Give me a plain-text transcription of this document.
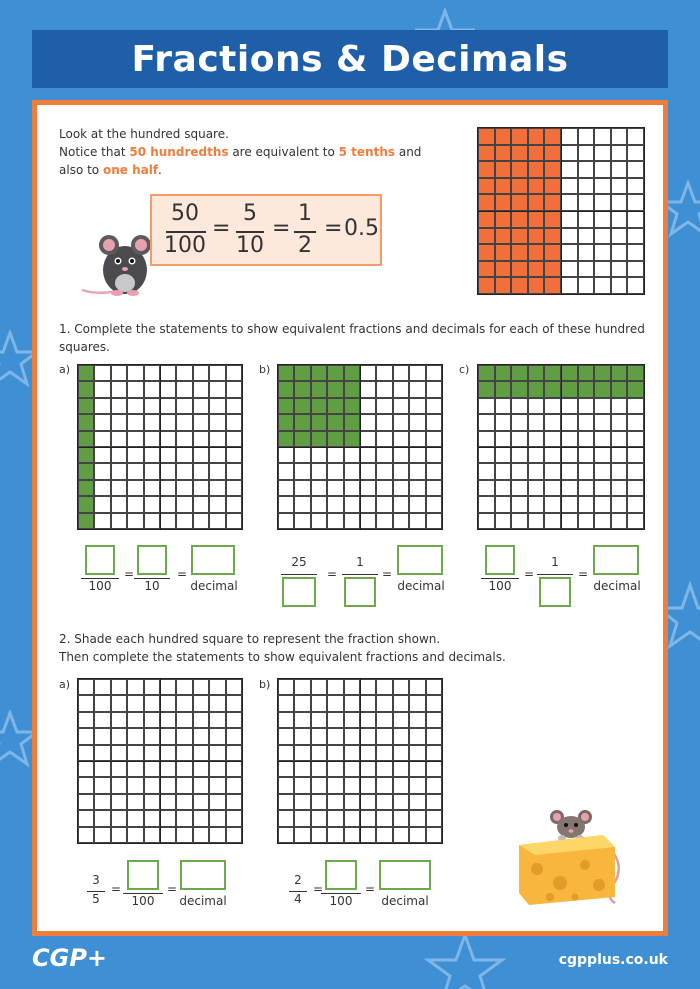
Fractions & Decimals
Look at the hundred square.
Notice that 50 hundredths are equivalent to 5 tenths and
also to one half.
50
100
=
5
10
=
1
2
= 0.5
1. Complete the statements to show equivalent fractions and decimals for each of these hundred
squares.
a)
100
=
10
=
decimal
b)
25
=
1
=
decimal
c)
100
=
1
=
decimal
2. Shade each hundred square to represent the fraction shown.
Then complete the statements to show equivalent fractions and decimals.
a)
3
5
=
100
=
decimal
b)
2
4
=
100
=
decimal
CGP+	cgpplus.co.uk
